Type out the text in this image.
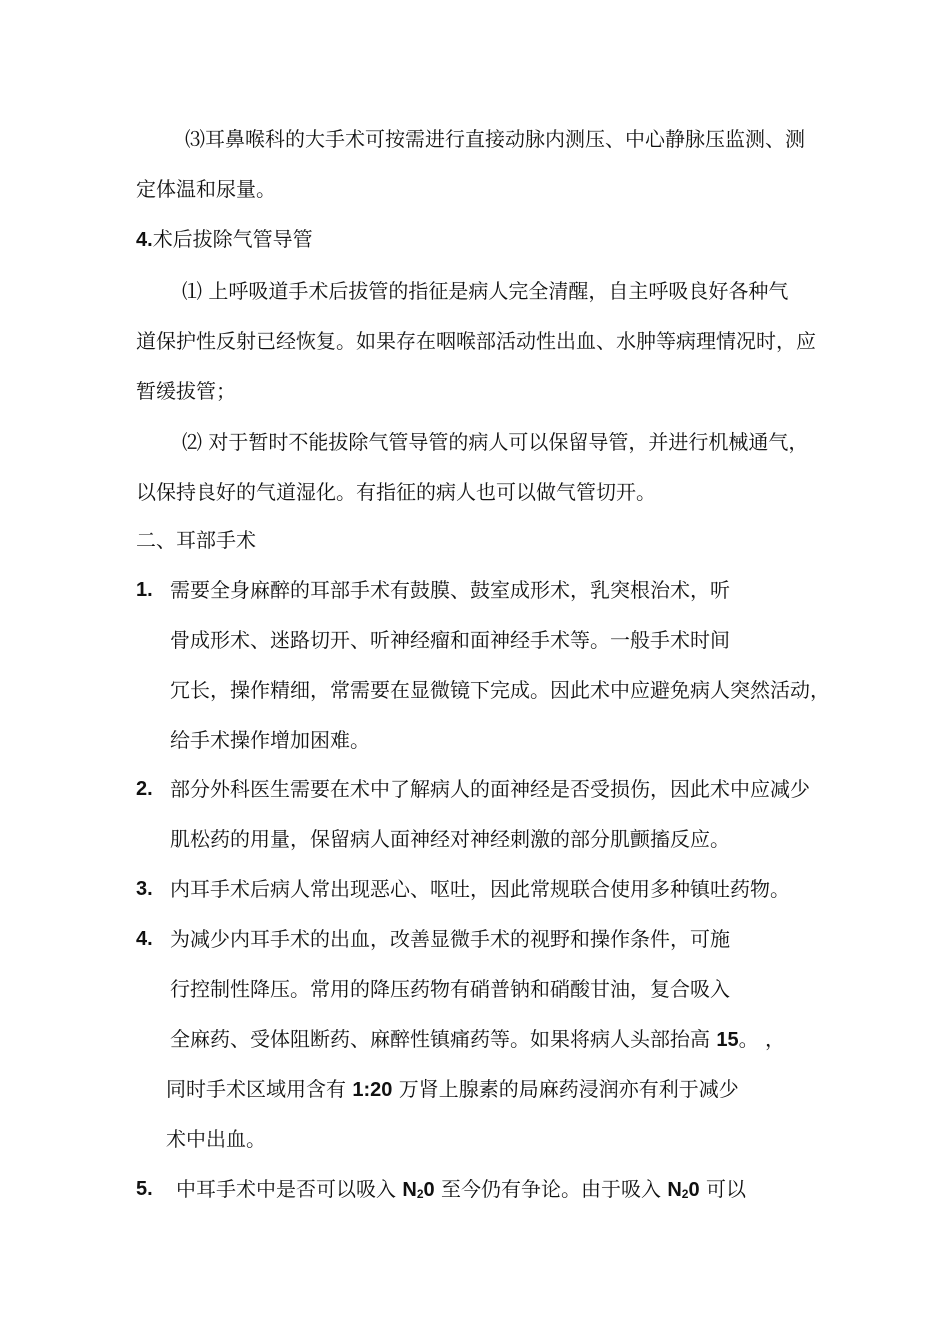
⑶耳鼻喉科的大手术可按需进行直接动脉内测压、中心静脉压监测、测
定体温和尿量。
4.术后拔除气管导管
⑴ 上呼吸道手术后拔管的指征是病人完全清醒，自主呼吸良好各种气
道保护性反射已经恢复。如果存在咽喉部活动性出血、水肿等病理情况时，应
暂缓拔管；
⑵ 对于暂时不能拔除气管导管的病人可以保留导管，并进行机械通气，
以保持良好的气道湿化。有指征的病人也可以做气管切开。
二、耳部手术
1. 需要全身麻醉的耳部手术有鼓膜、鼓室成形术，乳突根治术，听
骨成形术、迷路切开、听神经瘤和面神经手术等。一般手术时间
冗长，操作精细，常需要在显微镜下完成。因此术中应避免病人突然活动，
给手术操作增加困难。
2. 部分外科医生需要在术中了解病人的面神经是否受损伤，因此术中应减少
肌松药的用量，保留病人面神经对神经刺激的部分肌颤搐反应。
3. 内耳手术后病人常出现恶心、呕吐，因此常规联合使用多种镇吐药物。
4. 为减少内耳手术的出血，改善显微手术的视野和操作条件，可施
行控制性降压。常用的降压药物有硝普钠和硝酸甘油，复合吸入
全麻药、受体阻断药、麻醉性镇痛药等。如果将病人头部抬高 15。 ，
同时手术区域用含有 1:20 万肾上腺素的局麻药浸润亦有利于减少
术中出血。
5. 中耳手术中是否可以吸入 $N_20$ 至今仍有争论。由于吸入 $N_20$ 可以
